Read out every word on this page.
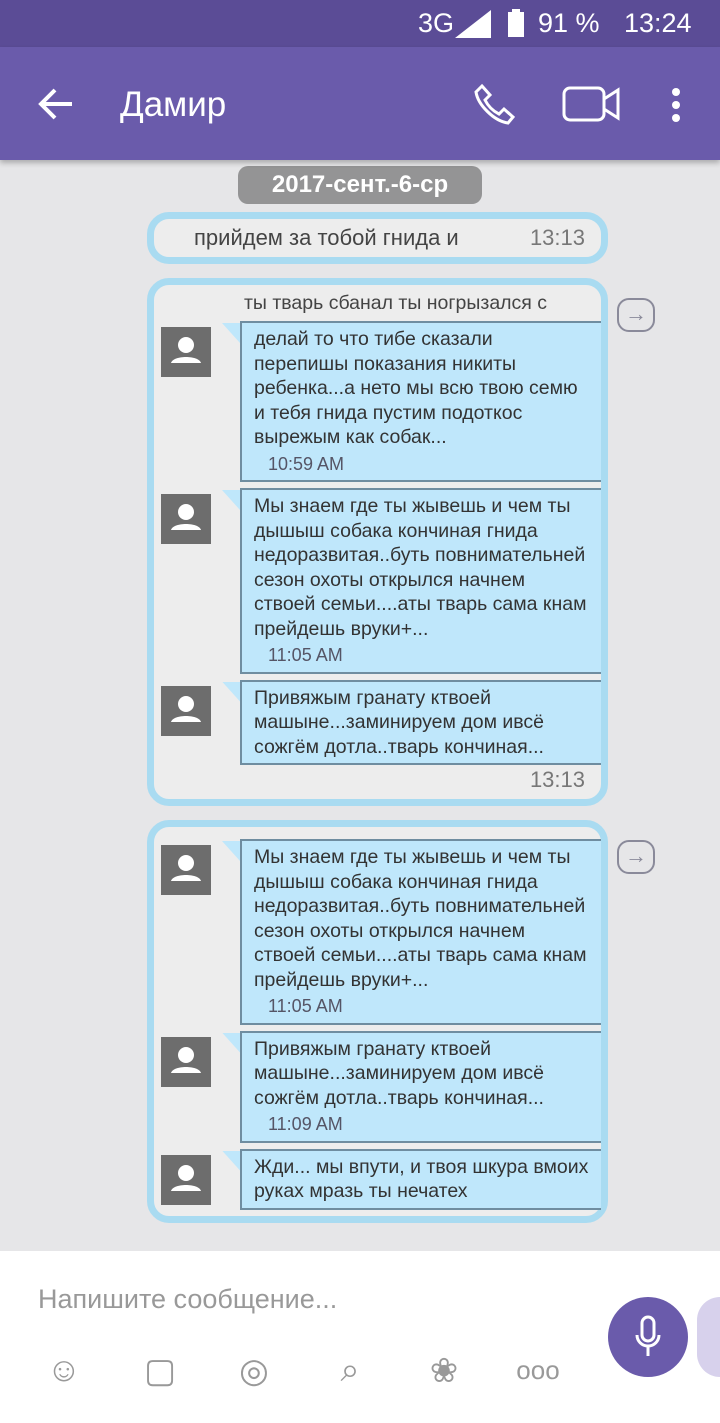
3G	91 % 13:24
Дамир
2017-сент.-6-ср
прийдем за тобой гнида и	13:13
ты тварь сбанал ты ногрызался с
делай то что тибе сказали перепишы показания никиты ребенка...а нето мы всю твою семю и тебя гнида пустим подоткос вырежым как собак...
10:59 AM
Мы знаем где ты жывешь и чем ты дышыш собака кончиная гнида недоразвитая..буть повнимательней сезон охоты открылся начнем ствоей семьи....аты тварь сама кнам прейдешь вруки+...
11:05 AM
Привяжым гранату ктвоей машыне...заминируем дом ивсё сожгём дотла..тварь кончиная...
13:13
→
Мы знаем где ты жывешь и чем ты дышыш собака кончиная гнида недоразвитая..буть повнимательней сезон охоты открылся начнем ствоей семьи....аты тварь сама кнам прейдешь вруки+...
11:05 AM
Привяжым гранату ктвоей машыне...заминируем дом ивсё сожгём дотла..тварь кончиная...
11:09 AM
Жди... мы впути, и твоя шкура вмоих руках мразь ты нечатех
→
Напишите сообщение...
☺	▢	◎	⌕	❀	ooo
